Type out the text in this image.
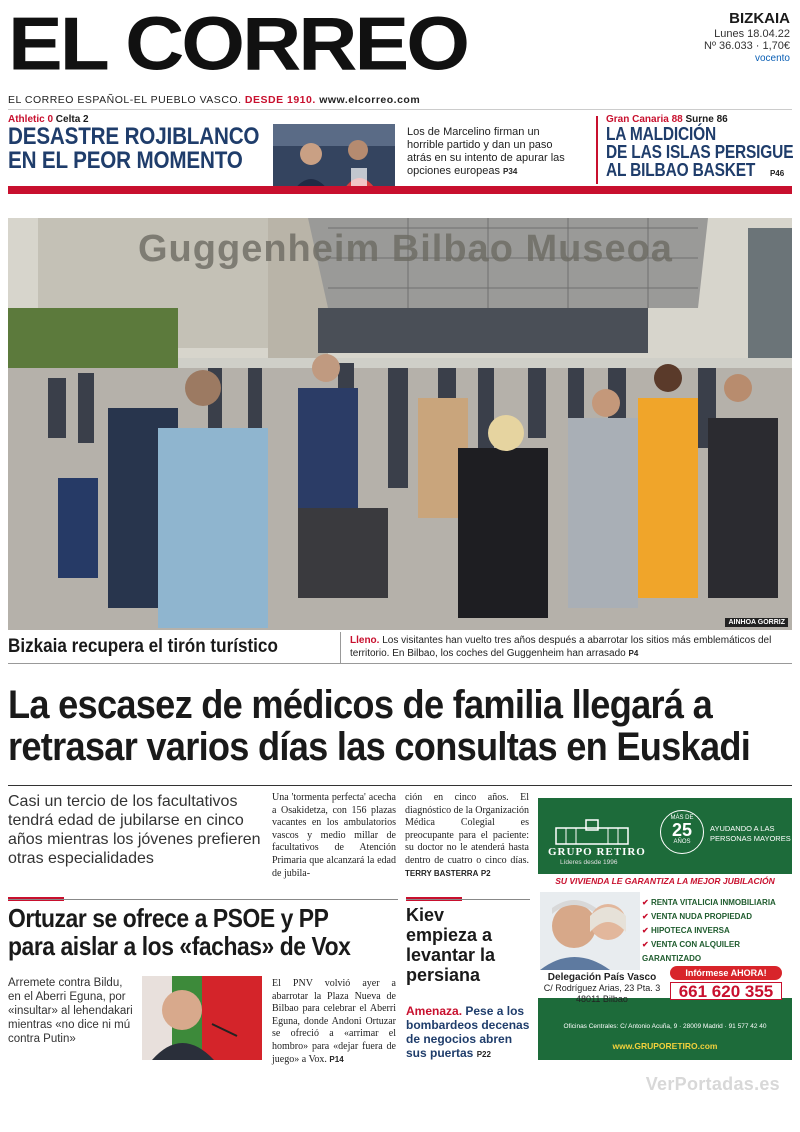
EL CORREO	BIZKAIA
Lunes 18.04.22
Nº 36.033 · 1,70€
vocento
EL CORREO ESPAÑOL-EL PUEBLO VASCO. DESDE 1910. www.elcorreo.com
Athletic 0 Celta 2
DESASTRE ROJIBLANCO
EN EL PEOR MOMENTO
Los de Marcelino firman un horrible partido y dan un paso atrás en su intento de apurar las opciones europeas P34
Gran Canaria 88 Surne 86
LA MALDICIÓN
DE LAS ISLAS PERSIGUE
AL BILBAO BASKET P46
Guggenheim Bilbao Museoa
AINHOA GORRIZ
Bizkaia recupera el tirón turístico	Lleno. Los visitantes han vuelto tres años después a abarrotar los sitios más emblemáticos del territorio. En Bilbao, los coches del Guggenheim han arrasado P4
La escasez de médicos de familia llegará a
retrasar varios días las consultas en Euskadi
Casi un tercio de los facultativos tendrá edad de jubilarse en cinco años mientras los jóvenes prefieren otras especialidades
Una 'tormenta perfecta' acecha a Osakidetza, con 156 plazas vacantes en los ambulatorios vascos y medio millar de facultativos de Atención Primaria que alcanzará la edad de jubila-
ción en cinco años. El diagnóstico de la Organización Médica Colegial es preocupante para el paciente: su doctor no le atenderá hasta dentro de cuatro o cinco días. TERRY BASTERRA P2
Ortuzar se ofrece a PSOE y PP
para aislar a los «fachas» de Vox
Arremete contra Bildu, en el Aberri Eguna, por «insultar» al lehendakari mientras «no dice ni mú contra Putin»
El PNV volvió ayer a abarrotar la Plaza Nueva de Bilbao para celebrar el Aberri Eguna, donde Andoni Ortuzar se ofreció a «arrimar el hombro» para «dejar fuera de juego» a Vox. P14
Kiev
empieza a
levantar la
persiana
Amenaza. Pese a los bombardeos decenas de negocios abren sus puertas P22
GRUPO RETIRO
Líderes desde 1996
MÁS DE
25
AÑOS
AYUDANDO A LAS
PERSONAS MAYORES
SU VIVIENDA LE GARANTIZA LA MEJOR JUBILACIÓN
✔ RENTA VITALICIA INMOBILIARIA
✔ VENTA NUDA PROPIEDAD
✔ HIPOTECA INVERSA
✔ VENTA CON ALQUILER GARANTIZADO
Delegación País Vasco
C/ Rodríguez Arias, 23 Pta. 3
48011 Bilbao
Infórmese AHORA!
661 620 355
Oficinas Centrales: C/ Antonio Acuña, 9 · 28009 Madrid · 91 577 42 40
www.GRUPORETIRO.com
VerPortadas.es
